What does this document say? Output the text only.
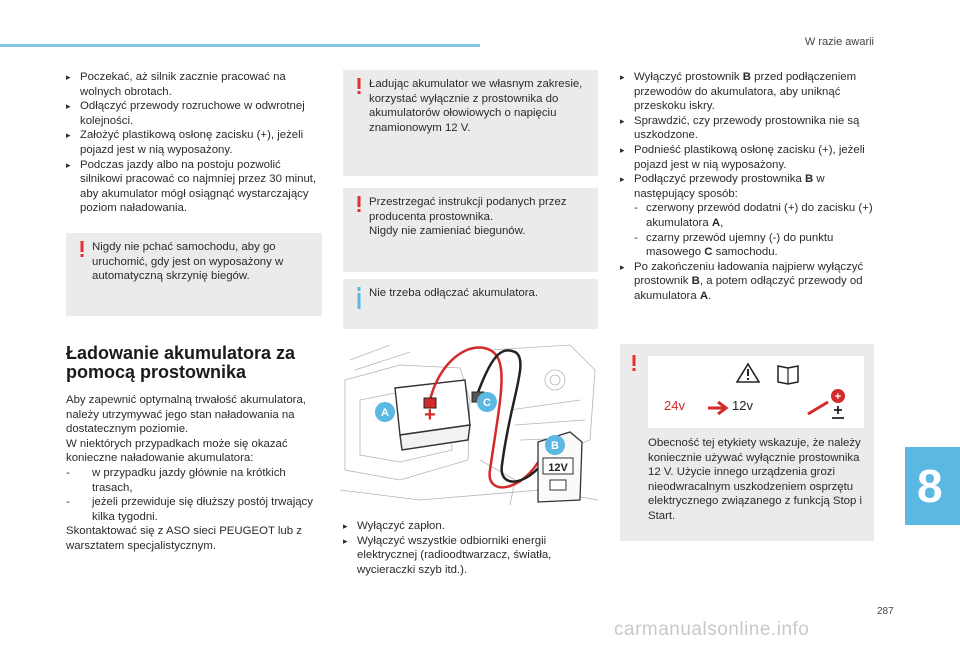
W razie awarii
▸ Poczekać, aż silnik zacznie pracować na wolnych obrotach.
▸ Odłączyć przewody rozruchowe w odwrotnej kolejności.
▸ Założyć plastikową osłonę zacisku (+), jeżeli pojazd jest w nią wyposażony.
▸ Podczas jazdy albo na postoju pozwolić silnikowi pracować co najmniej przez 30 minut, aby akumulator mógł osiągnąć wystarczający poziom naładowania.
Nigdy nie pchać samochodu, aby go uruchomić, gdy jest on wyposażony w automatyczną skrzynię biegów.
Ładowanie akumulatora za pomocą prostownika
Aby zapewnić optymalną trwałość akumulatora, należy utrzymywać jego stan naładowania na dostatecznym poziomie.
W niektórych przypadkach może się okazać konieczne naładowanie akumulatora:
- w przypadku jazdy głównie na krótkich trasach,
- jeżeli przewiduje się dłuższy postój trwający kilka tygodni.
Skontaktować się z ASO sieci PEUGEOT lub z warsztatem specjalistycznym.
Ładując akumulator we własnym zakresie, korzystać wyłącznie z prostownika do akumulatorów ołowiowych o napięciu znamionowym 12 V.
Przestrzegać instrukcji podanych przez producenta prostownika.
Nigdy nie zamieniać biegunów.
Nie trzeba odłączać akumulatora.
+
A
C
12V
B
▸ Wyłączyć zapłon.
▸ Wyłączyć wszystkie odbiorniki energii elektrycznej (radioodtwarzacz, światła, wycieraczki szyb itd.).
▸ Wyłączyć prostownik B przed podłączeniem przewodów do akumulatora, aby uniknąć przeskoku iskry.
▸ Sprawdzić, czy przewody prostownika nie są uszkodzone.
▸ Podnieść plastikową osłonę zacisku (+), jeżeli pojazd jest w nią wyposażony.
▸ Podłączyć przewody prostownika B w następujący sposób:
- czerwony przewód dodatni (+) do zacisku (+) akumulatora A,
- czarny przewód ujemny (-) do punktu masowego C samochodu.
▸ Po zakończeniu ładowania najpierw wyłączyć prostownik B, a potem odłączyć przewody od akumulatora A.
+
24v	12v
Obecność tej etykiety wskazuje, że należy koniecznie używać wyłącznie prostownika 12 V. Użycie innego urządzenia grozi nieodwracalnym uszkodzeniem osprzętu elektrycznego związanego z funkcją Stop i Start.
8
287
carmanualsonline.info
